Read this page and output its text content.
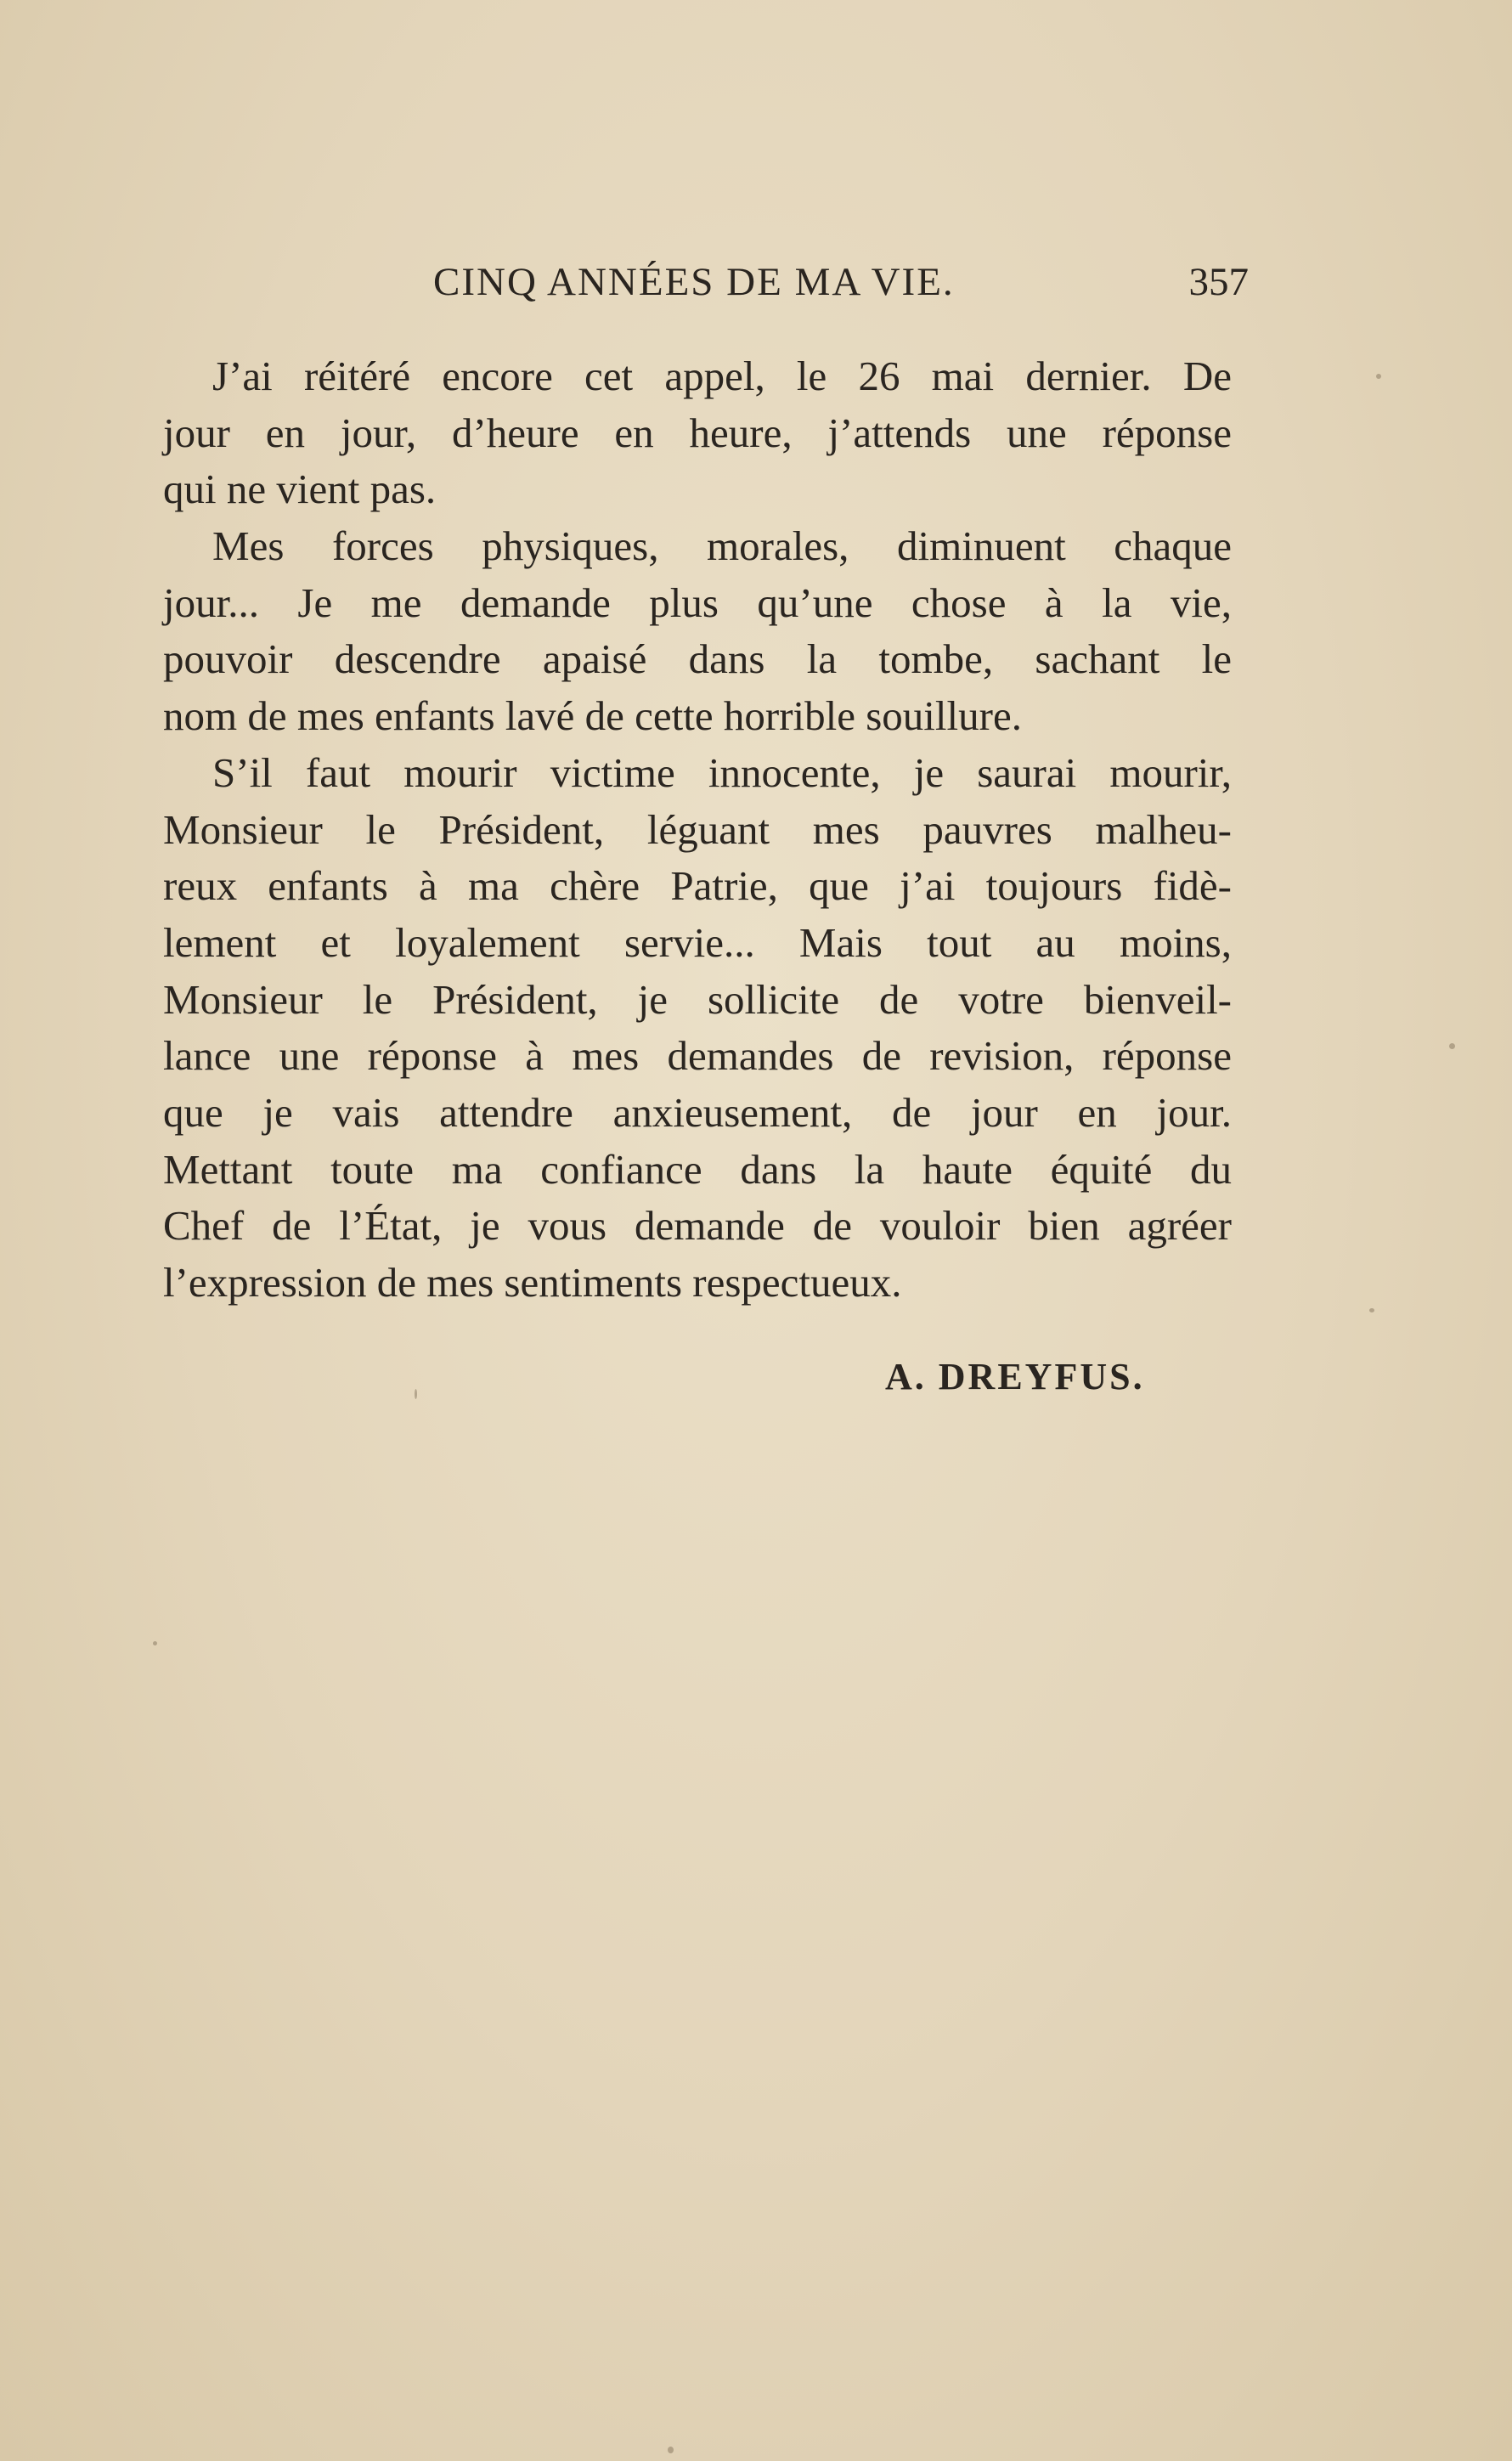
CINQ ANNÉES DE MA VIE.	357
J’ai réitéré encore cet appel, le 26 mai dernier. De
jour en jour, d’heure en heure, j’attends une réponse
qui ne vient pas.
Mes forces physiques, morales, diminuent chaque
jour... Je me demande plus qu’une chose à la vie,
pouvoir descendre apaisé dans la tombe, sachant le
nom de mes enfants lavé de cette horrible souillure.
S’il faut mourir victime innocente, je saurai mourir,
Monsieur le Président, léguant mes pauvres malheu-
reux enfants à ma chère Patrie, que j’ai toujours fidè-
lement et loyalement servie... Mais tout au moins,
Monsieur le Président, je sollicite de votre bienveil-
lance une réponse à mes demandes de revision, réponse
que je vais attendre anxieusement, de jour en jour.
Mettant toute ma confiance dans la haute équité du
Chef de l’État, je vous demande de vouloir bien agréer
l’expression de mes sentiments respectueux.
A. DREYFUS.
